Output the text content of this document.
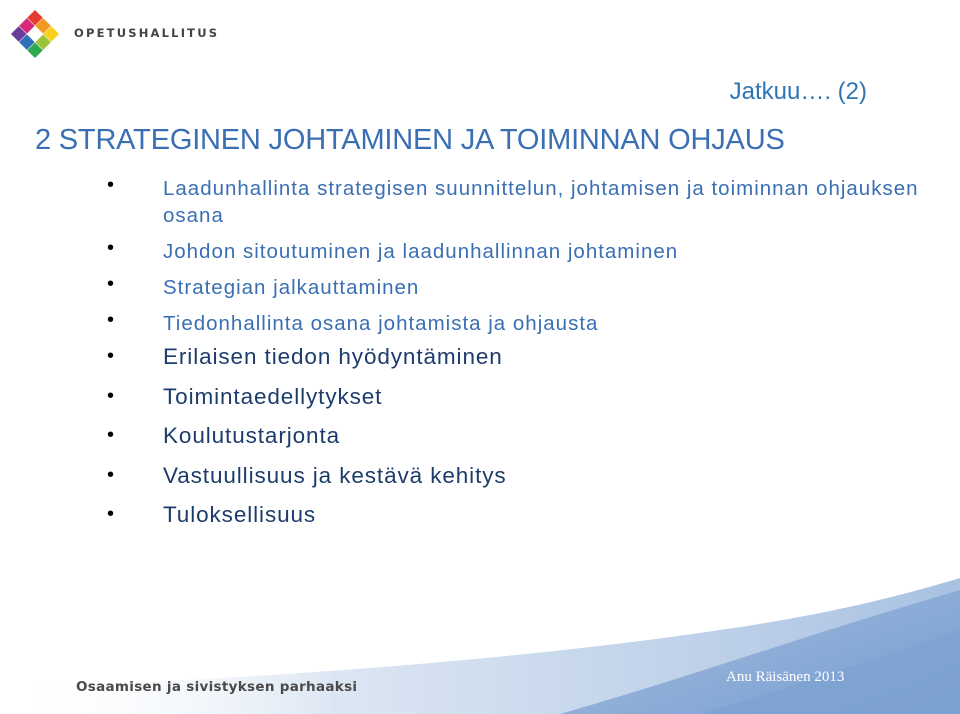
OPETUSHALLITUS
Jatkuu…. (2)
2 STRATEGINEN JOHTAMINEN JA TOIMINNAN OHJAUS
• Laadunhallinta strategisen suunnittelun, johtamisen ja toiminnan ohjauksen osana
• Johdon sitoutuminen ja laadunhallinnan johtaminen
• Strategian jalkauttaminen
• Tiedonhallinta osana johtamista ja ohjausta
• Erilaisen tiedon hyödyntäminen
• Toimintaedellytykset
• Koulutustarjonta
• Vastuullisuus ja kestävä kehitys
• Tuloksellisuus
Osaamisen ja sivistyksen parhaaksi
Anu Räisänen 2013
